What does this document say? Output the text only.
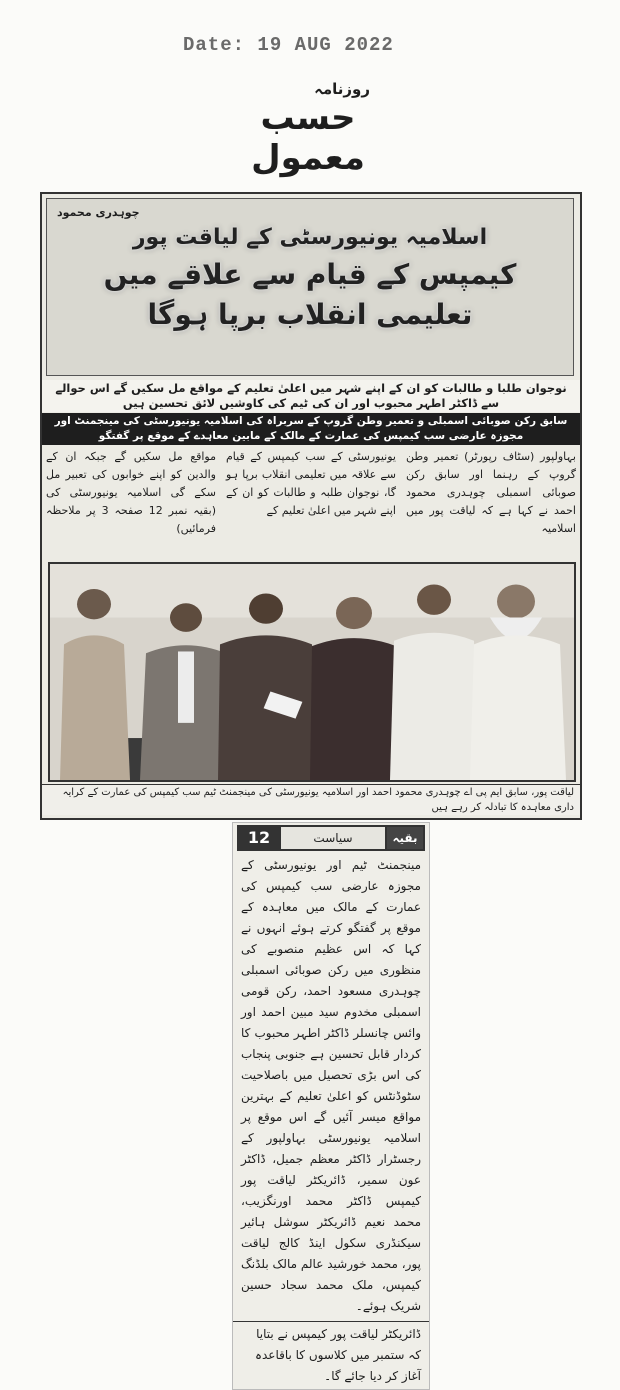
Date: 19 AUG 2022
روزنامہ
حسب معمول
چوہدری محمود
اسلامیہ یونیورسٹی کے لیاقت پور
کیمپس کے قیام سے علاقے میں تعلیمی انقلاب برپا ہوگا
نوجوان طلبا و طالبات کو ان کے اپنے شہر میں اعلیٰ تعلیم کے مواقع مل سکیں گے اس حوالے سے ڈاکٹر اطہر محبوب اور ان کی ٹیم کی کاوشیں لائق تحسین ہیں
سابق رکن صوبائی اسمبلی و تعمیر وطن گروپ کے سربراہ کی اسلامیہ یونیورسٹی کی مینجمنٹ اور مجوزہ عارضی سب کیمپس کی عمارت کے مالک کے مابین معاہدے کے موقع پر گفتگو
بہاولپور (سٹاف رپورٹر) تعمیر وطن گروپ کے رہنما اور سابق رکن صوبائی اسمبلی چوہدری محمود احمد نے کہا ہے کہ لیاقت پور میں اسلامیہ
یونیورسٹی کے سب کیمپس کے قیام سے علاقہ میں تعلیمی انقلاب برپا ہو گا، نوجوان طلبہ و طالبات کو ان کے اپنے شہر میں اعلیٰ تعلیم کے
مواقع مل سکیں گے جبکہ ان کے والدین کو اپنے خوابوں کی تعبیر مل سکے گی اسلامیہ یونیورسٹی کی (بقیہ نمبر 12 صفحہ 3 پر ملاحظہ فرمائیں)
لیاقت پور، سابق ایم پی اے چوہدری محمود احمد اور اسلامیہ یونیورسٹی کی مینجمنٹ ٹیم سب کیمپس کی عمارت کے کرایہ داری معاہدہ کا تبادلہ کر رہے ہیں
12	سیاست	بقیہ
مینجمنٹ ٹیم اور یونیورسٹی کے مجوزہ عارضی سب کیمپس کی عمارت کے مالک میں معاہدہ کے موقع پر گفتگو کرتے ہوئے انہوں نے کہا کہ اس عظیم منصوبے کی منظوری میں رکن صوبائی اسمبلی چوہدری مسعود احمد، رکن قومی اسمبلی مخدوم سید مبین احمد اور وائس چانسلر ڈاکٹر اطہر محبوب کا کردار قابل تحسین ہے جنوبی پنجاب کی اس بڑی تحصیل میں باصلاحیت سٹوڈنٹس کو اعلیٰ تعلیم کے بہترین مواقع میسر آئیں گے اس موقع پر اسلامیہ یونیورسٹی بہاولپور کے رجسٹرار ڈاکٹر معظم جمیل، ڈاکٹر عون سمیر، ڈائریکٹر لیاقت پور کیمپس ڈاکٹر محمد اورنگزیب، محمد نعیم ڈائریکٹر سوشل ہائیر سیکنڈری سکول اینڈ کالج لیاقت پور، محمد خورشید عالم مالک بلڈنگ کیمپس، ملک محمد سجاد حسین شریک ہوئے۔
ڈائریکٹر لیاقت پور کیمپس نے بتایا کہ ستمبر میں کلاسوں کا باقاعدہ آغاز کر دیا جائے گا۔
